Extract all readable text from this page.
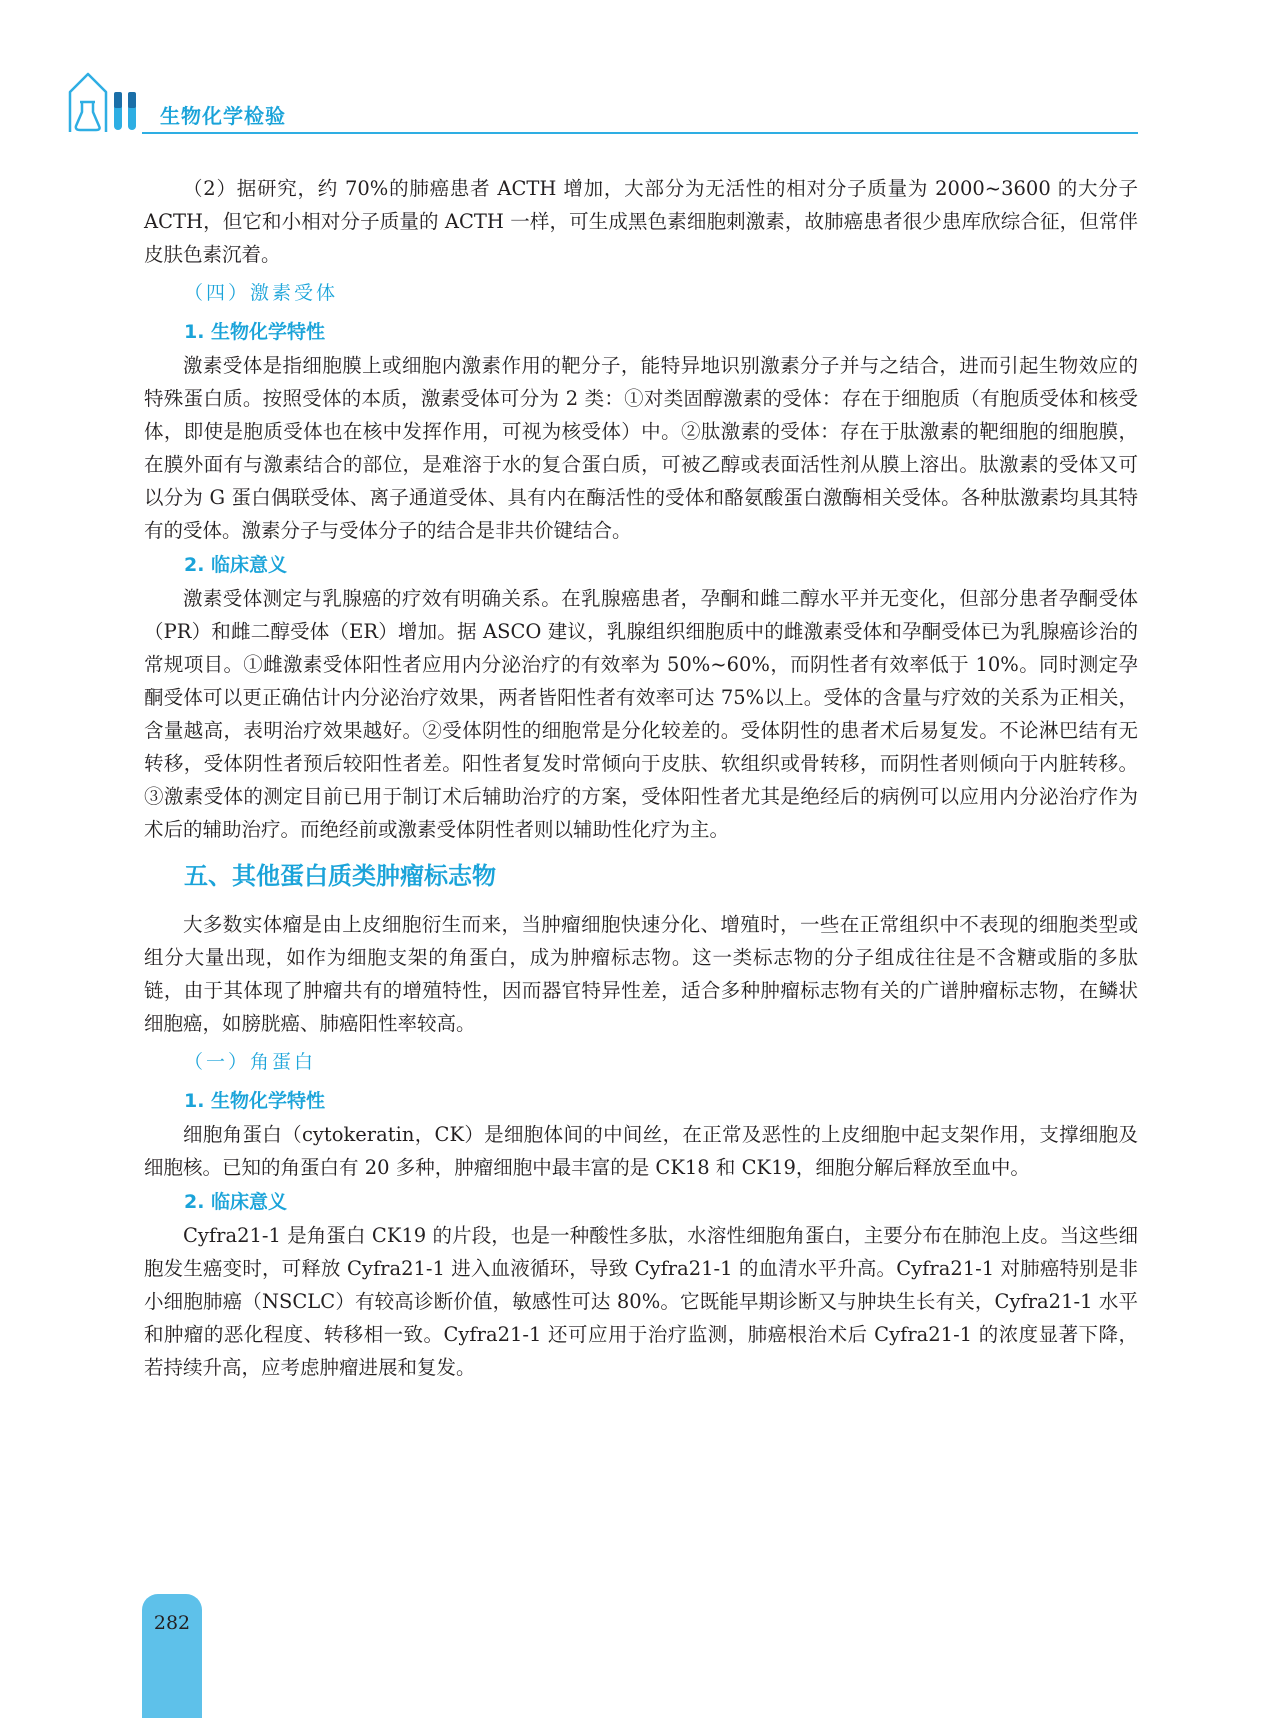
生物化学检验

（2）据研究，约 70%的肺癌患者 ACTH 增加，大部分为无活性的相对分子质量为 2000~3600 的大分子 ACTH，但它和小相对分子质量的 ACTH 一样，可生成黑色素细胞刺激素，故肺癌患者很少患库欣综合征，但常伴皮肤色素沉着。

（四）激素受体
1. 生物化学特性

激素受体是指细胞膜上或细胞内激素作用的靶分子，能特异地识别激素分子并与之结合，进而引起生物效应的特殊蛋白质。按照受体的本质，激素受体可分为 2 类：①对类固醇激素的受体：存在于细胞质（有胞质受体和核受体，即使是胞质受体也在核中发挥作用，可视为核受体）中。②肽激素的受体：存在于肽激素的靶细胞的细胞膜，在膜外面有与激素结合的部位，是难溶于水的复合蛋白质，可被乙醇或表面活性剂从膜上溶出。肽激素的受体又可以分为 G 蛋白偶联受体、离子通道受体、具有内在酶活性的受体和酪氨酸蛋白激酶相关受体。各种肽激素均具其特有的受体。激素分子与受体分子的结合是非共价键结合。

2. 临床意义

激素受体测定与乳腺癌的疗效有明确关系。在乳腺癌患者，孕酮和雌二醇水平并无变化，但部分患者孕酮受体（PR）和雌二醇受体（ER）增加。据 ASCO 建议，乳腺组织细胞质中的雌激素受体和孕酮受体已为乳腺癌诊治的常规项目。①雌激素受体阳性者应用内分泌治疗的有效率为 50%~60%，而阴性者有效率低于 10%。同时测定孕酮受体可以更正确估计内分泌治疗效果，两者皆阳性者有效率可达 75%以上。受体的含量与疗效的关系为正相关，含量越高，表明治疗效果越好。②受体阴性的细胞常是分化较差的。受体阴性的患者术后易复发。不论淋巴结有无转移，受体阴性者预后较阳性者差。阳性者复发时常倾向于皮肤、软组织或骨转移，而阴性者则倾向于内脏转移。③激素受体的测定目前已用于制订术后辅助治疗的方案，受体阳性者尤其是绝经后的病例可以应用内分泌治疗作为术后的辅助治疗。而绝经前或激素受体阴性者则以辅助性化疗为主。

五、其他蛋白质类肿瘤标志物

大多数实体瘤是由上皮细胞衍生而来，当肿瘤细胞快速分化、增殖时，一些在正常组织中不表现的细胞类型或组分大量出现，如作为细胞支架的角蛋白，成为肿瘤标志物。这一类标志物的分子组成往往是不含糖或脂的多肽链，由于其体现了肿瘤共有的增殖特性，因而器官特异性差，适合多种肿瘤标志物有关的广谱肿瘤标志物，在鳞状细胞癌，如膀胱癌、肺癌阳性率较高。

（一）角蛋白
1. 生物化学特性

细胞角蛋白（cytokeratin，CK）是细胞体间的中间丝，在正常及恶性的上皮细胞中起支架作用，支撑细胞及细胞核。已知的角蛋白有 20 多种，肿瘤细胞中最丰富的是 CK18 和 CK19，细胞分解后释放至血中。

2. 临床意义

Cyfra21-1 是角蛋白 CK19 的片段，也是一种酸性多肽，水溶性细胞角蛋白，主要分布在肺泡上皮。当这些细胞发生癌变时，可释放 Cyfra21-1 进入血液循环，导致 Cyfra21-1 的血清水平升高。Cyfra21-1 对肺癌特别是非小细胞肺癌（NSCLC）有较高诊断价值，敏感性可达 80%。它既能早期诊断又与肿块生长有关，Cyfra21-1 水平和肿瘤的恶化程度、转移相一致。Cyfra21-1 还可应用于治疗监测，肺癌根治术后 Cyfra21-1 的浓度显著下降，若持续升高，应考虑肿瘤进展和复发。

282
